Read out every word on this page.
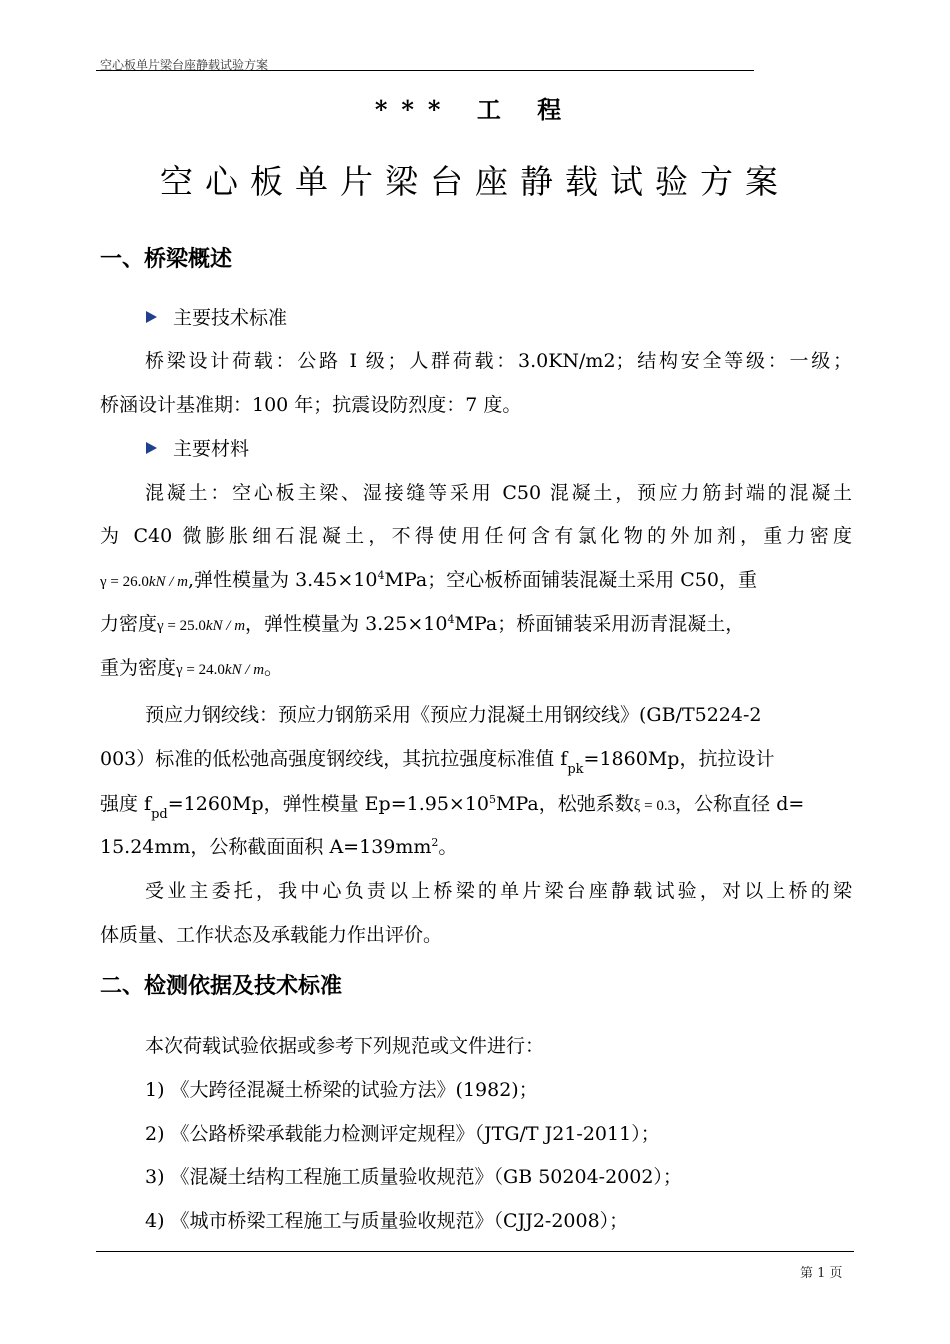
空心板单片梁台座静载试验方案
*** 工 程
空心板单片梁台座静载试验方案
一、桥梁概述
主要技术标准
桥梁设计荷载：公路 I 级；人群荷载：3.0KN/m2；结构安全等级：一级；
桥涵设计基准期：100 年；抗震设防烈度：7 度。
主要材料
混凝土：空心板主梁、湿接缝等采用 C50 混凝土，预应力筋封端的混凝土
为 C40 微膨胀细石混凝土，不得使用任何含有氯化物的外加剂，重力密度
γ = 26.0kN / m,弹性模量为 $3.45\times 10^4MPa$；空心板桥面铺装混凝土采用 C50，重
力密度γ = 25.0kN / m，弹性模量为 $3.25\times 10^4MPa$；桥面铺装采用沥青混凝土，
重为密度γ = 24.0kN / m。
预应力钢绞线：预应力钢筋采用《预应力混凝土用钢绞线》(GB/T5224-2
003）标准的低松弛高强度钢绞线，其抗拉强度标准值 $f_{pk}=1860Mp$，抗拉设计
强度 $f_{pd}=1260Mp$，弹性模量 $Ep=1.95\times 10^5MPa$，松弛系数ξ = 0.3，公称直径 d=
15.24mm，公称截面面积 $A=139mm^2$。
受业主委托，我中心负责以上桥梁的单片梁台座静载试验，对以上桥的梁
体质量、工作状态及承载能力作出评价。
二、检测依据及技术标准
本次荷载试验依据或参考下列规范或文件进行：
1) 《大跨径混凝土桥梁的试验方法》(1982)；
2) 《公路桥梁承载能力检测评定规程》（JTG/T J21-2011）；
3) 《混凝土结构工程施工质量验收规范》（GB 50204-2002）；
4) 《城市桥梁工程施工与质量验收规范》（CJJ2-2008）；
第 1 页
